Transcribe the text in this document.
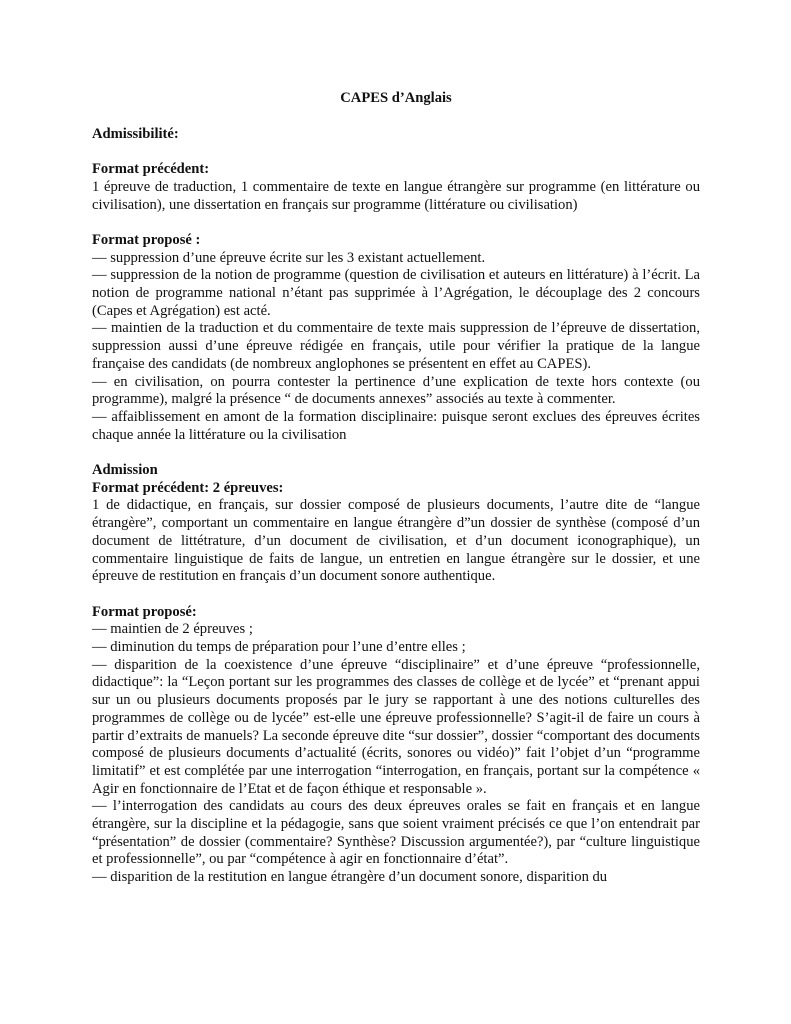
CAPES d’Anglais
Admissibilité:
Format précédent:
1 épreuve de traduction, 1 commentaire de texte en langue étrangère sur programme (en littérature ou civilisation), une dissertation en français sur programme (littérature ou civilisation)
Format proposé :
— suppression d’une épreuve écrite sur les 3 existant actuellement.
— suppression de la notion de programme (question de civilisation et auteurs en littérature) à l’écrit. La notion de programme national n’étant pas supprimée à l’Agrégation, le découplage des 2 concours (Capes et Agrégation) est acté.
— maintien de la traduction et du commentaire de texte mais suppression de l’épreuve de dissertation, suppression aussi d’une épreuve rédigée en français, utile pour vérifier la pratique de la langue française des candidats (de nombreux anglophones se présentent en effet au CAPES).
— en civilisation, on pourra contester la pertinence d’une explication de texte hors contexte (ou programme), malgré la présence “ de documents annexes” associés au texte à commenter.
— affaiblissement en amont de la formation disciplinaire: puisque seront exclues des épreuves écrites chaque année la littérature ou la civilisation
Admission
Format précédent: 2 épreuves:
1 de didactique, en français, sur dossier composé de plusieurs documents, l’autre dite de “langue étrangère”, comportant un commentaire en langue étrangère d”un dossier de synthèse (composé d’un document de littétrature, d’un document de civilisation, et d’un document iconographique), un commentaire linguistique de faits de langue, un entretien en langue étrangère sur le dossier, et une épreuve de restitution en français d’un document sonore authentique.
Format proposé:
— maintien de 2 épreuves ;
— diminution du temps de préparation pour l’une d’entre elles ;
— disparition de la coexistence d’une épreuve “disciplinaire” et d’une épreuve “professionnelle, didactique”: la “Leçon portant sur les programmes des classes de collège et de lycée” et “prenant appui sur un ou plusieurs documents proposés par le jury se rapportant à une des notions culturelles des programmes de collège ou de lycée” est-elle une épreuve professionnelle? S’agit-il de faire un cours à partir d’extraits de manuels? La seconde épreuve dite “sur dossier”, dossier “comportant des documents composé de plusieurs documents d’actualité (écrits, sonores ou vidéo)” fait l’objet d’un “programme limitatif” et est complétée par une interrogation “interrogation, en français, portant sur la compétence « Agir en fonctionnaire de l’Etat et de façon éthique et responsable ».
— l’interrogation des candidats au cours des deux épreuves orales se fait en français et en langue étrangère, sur la discipline et la pédagogie, sans que soient vraiment précisés ce que l’on entendrait par “présentation” de dossier (commentaire? Synthèse? Discussion argumentée?), par “culture linguistique et professionnelle”, ou par “compétence à agir en fonctionnaire d’état”.
— disparition de la restitution en langue étrangère d’un document sonore, disparition du
